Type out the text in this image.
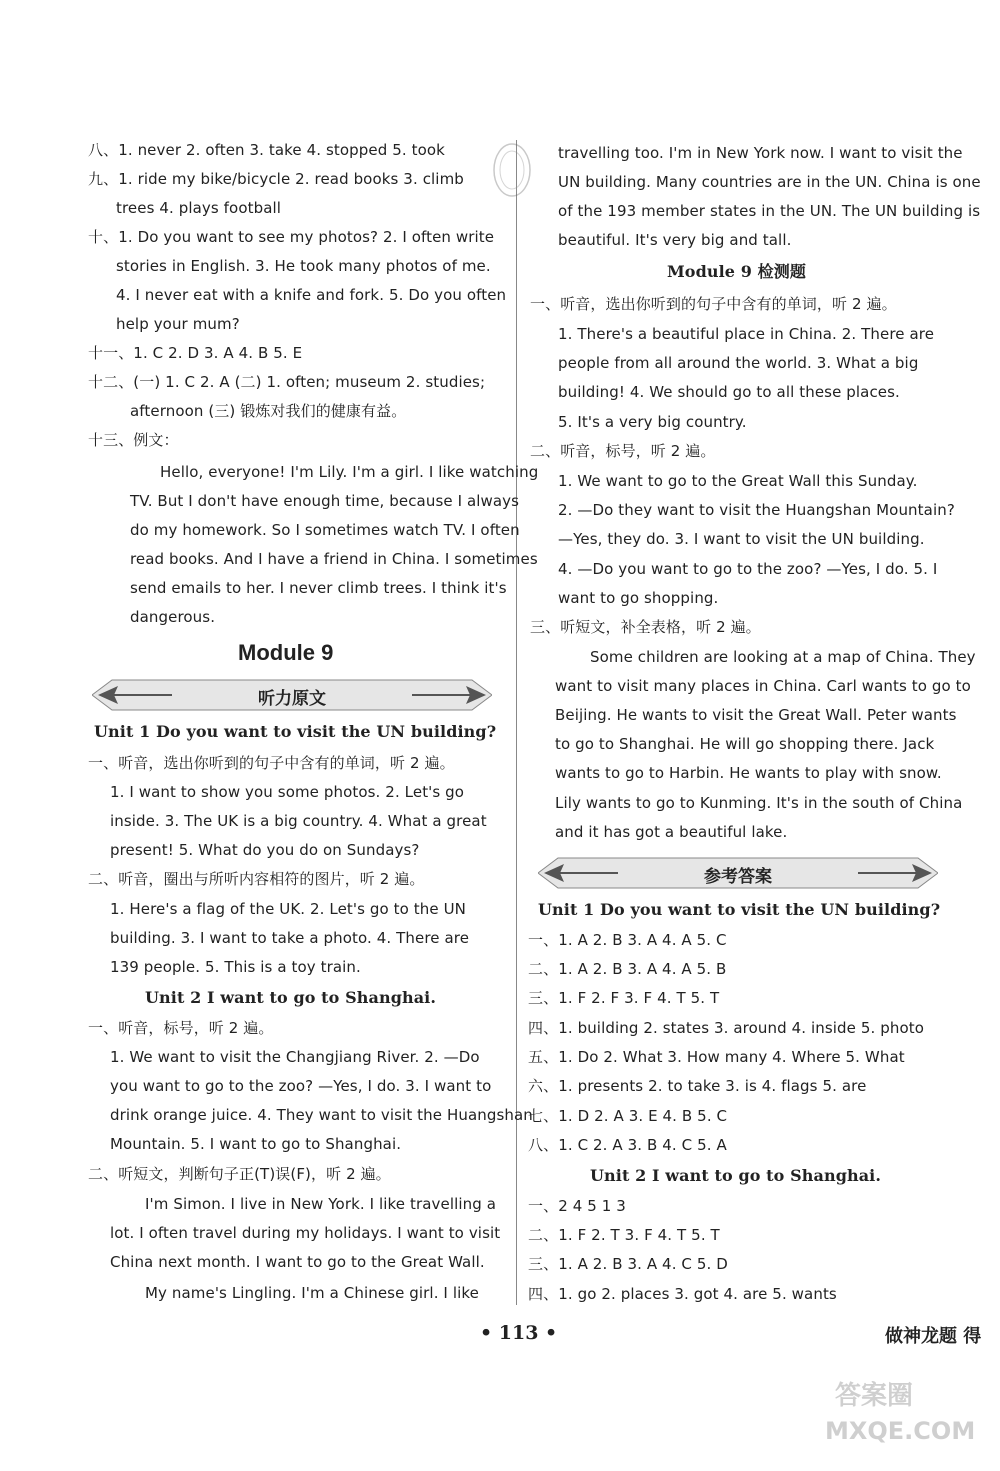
八、1. never 2. often 3. take 4. stopped 5. took
九、1. ride my bike/bicycle 2. read books 3. climb
trees 4. plays football
十、1. Do you want to see my photos? 2. I often write
stories in English. 3. He took many photos of me.
4. I never eat with a knife and fork. 5. Do you often
help your mum?
十一、1. C 2. D 3. A 4. B 5. E
十二、(一) 1. C 2. A (二) 1. often; museum 2. studies;
afternoon (三) 锻炼对我们的健康有益。
十三、例文：
Hello, everyone! I'm Lily. I'm a girl. I like watching
TV. But I don't have enough time, because I always
do my homework. So I sometimes watch TV. I often
read books. And I have a friend in China. I sometimes
send emails to her. I never climb trees. I think it's
dangerous.
Module 9
听力原文
Unit 1 Do you want to visit the UN building?
一、听音，选出你听到的句子中含有的单词，听 2 遍。
1. I want to show you some photos. 2. Let's go
inside. 3. The UK is a big country. 4. What a great
present! 5. What do you do on Sundays?
二、听音，圈出与所听内容相符的图片，听 2 遍。
1. Here's a flag of the UK. 2. Let's go to the UN
building. 3. I want to take a photo. 4. There are
139 people. 5. This is a toy train.
Unit 2 I want to go to Shanghai.
一、听音，标号，听 2 遍。
1. We want to visit the Changjiang River. 2. —Do
you want to go to the zoo? —Yes, I do. 3. I want to
drink orange juice. 4. They want to visit the Huangshan
Mountain. 5. I want to go to Shanghai.
二、听短文，判断句子正(T)误(F)，听 2 遍。
I'm Simon. I live in New York. I like travelling a
lot. I often travel during my holidays. I want to visit
China next month. I want to go to the Great Wall.
My name's Lingling. I'm a Chinese girl. I like
travelling too. I'm in New York now. I want to visit the
UN building. Many countries are in the UN. China is one
of the 193 member states in the UN. The UN building is
beautiful. It's very big and tall.
Module 9 检测题
一、听音，选出你听到的句子中含有的单词，听 2 遍。
1. There's a beautiful place in China. 2. There are
people from all around the world. 3. What a big
building! 4. We should go to all these places.
5. It's a very big country.
二、听音，标号，听 2 遍。
1. We want to go to the Great Wall this Sunday.
2. —Do they want to visit the Huangshan Mountain?
—Yes, they do. 3. I want to visit the UN building.
4. —Do you want to go to the zoo? —Yes, I do. 5. I
want to go shopping.
三、听短文，补全表格，听 2 遍。
Some children are looking at a map of China. They
want to visit many places in China. Carl wants to go to
Beijing. He wants to visit the Great Wall. Peter wants
to go to Shanghai. He will go shopping there. Jack
wants to go to Harbin. He wants to play with snow.
Lily wants to go to Kunming. It's in the south of China
and it has got a beautiful lake.
参考答案
Unit 1 Do you want to visit the UN building?
一、1. A 2. B 3. A 4. A 5. C
二、1. A 2. B 3. A 4. A 5. B
三、1. F 2. F 3. F 4. T 5. T
四、1. building 2. states 3. around 4. inside 5. photo
五、1. Do 2. What 3. How many 4. Where 5. What
六、1. presents 2. to take 3. is 4. flags 5. are
七、1. D 2. A 3. E 4. B 5. C
八、1. C 2. A 3. B 4. C 5. A
Unit 2 I want to go to Shanghai.
一、2 4 5 1 3
二、1. F 2. T 3. F 4. T 5. T
三、1. A 2. B 3. A 4. C 5. D
四、1. go 2. places 3. got 4. are 5. wants
• 113 •	做神龙题 得
答案圈
MXQE.COM
